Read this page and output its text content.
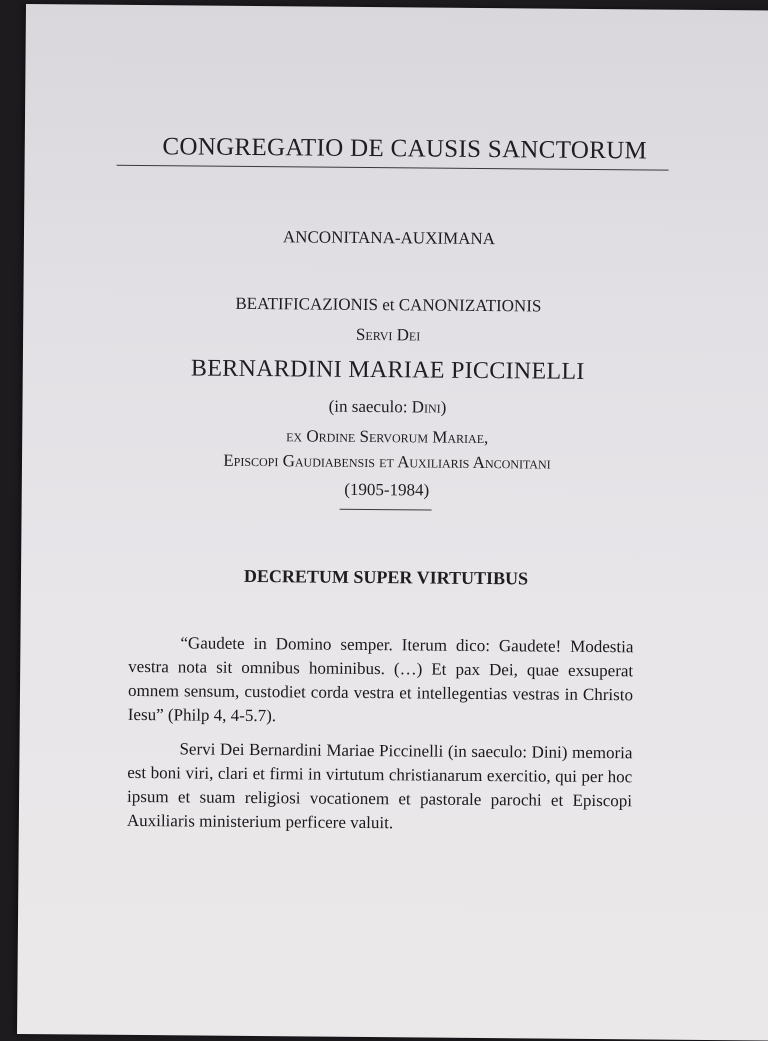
CONGREGATIO DE CAUSIS SANCTORUM

ANCONITANA-AUXIMANA

BEATIFICAZIONIS et CANONIZATIONIS

Servi Dei

BERNARDINI MARIAE PICCINELLI

(in saeculo: Dini)

ex Ordine Servorum Mariae,

Episcopi Gaudiabensis et Auxiliaris Anconitani

(1905-1984)

DECRETUM SUPER VIRTUTIBUS

“Gaudete in Domino semper. Iterum dico: Gaudete! Modestia vestra nota sit omnibus hominibus. (…) Et pax Dei, quae exsuperat omnem sensum, custodiet corda vestra et intellegentias vestras in Christo Iesu” (Philp 4, 4-5.7).

Servi Dei Bernardini Mariae Piccinelli (in saeculo: Dini) memoria est boni viri, clari et firmi in virtutum christianarum exercitio, qui per hoc ipsum et suam religiosi vocationem et pastorale parochi et Episcopi Auxiliaris ministerium perficere valuit.
